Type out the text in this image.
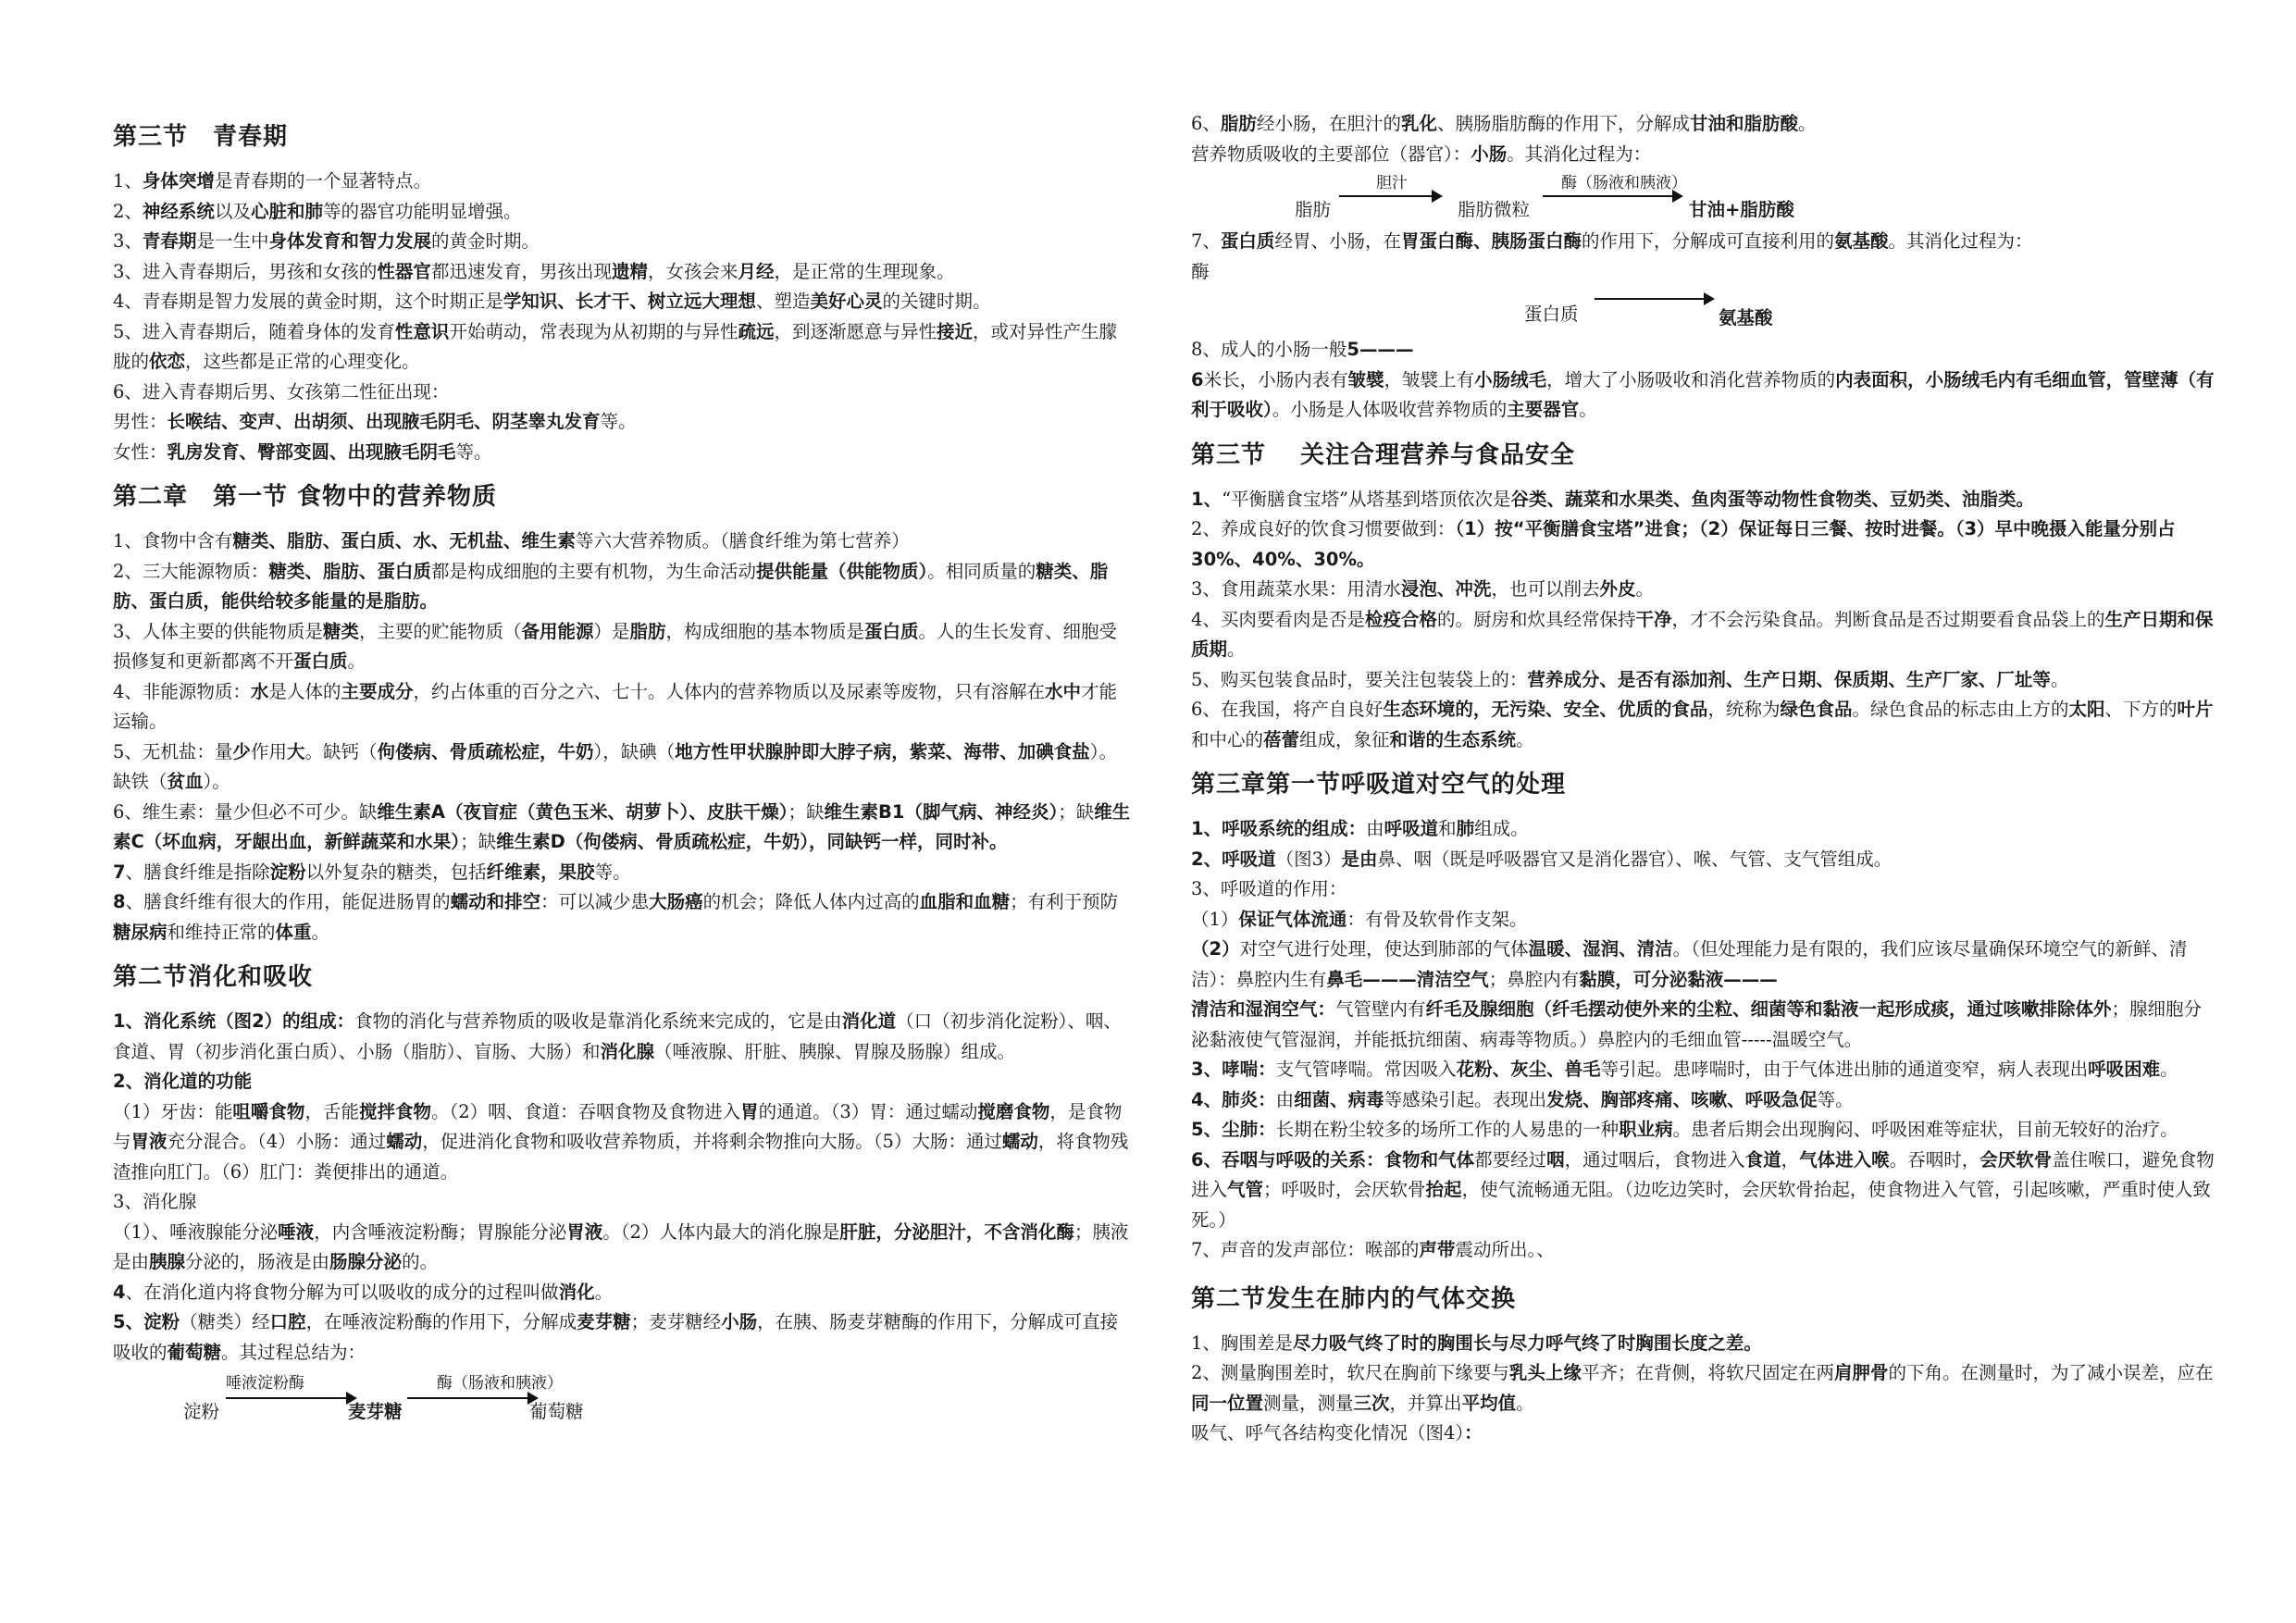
第三节　青春期

1、身体突增是青春期的一个显著特点。

2、神经系统以及心脏和肺等的器官功能明显增强。

3、青春期是一生中身体发育和智力发展的黄金时期。

3、进入青春期后，男孩和女孩的性器官都迅速发育，男孩出现遗精，女孩会来月经，是正常的生理现象。

4、青春期是智力发展的黄金时期，这个时期正是学知识、长才干、树立远大理想、塑造美好心灵的关键时期。

5、进入青春期后，随着身体的发育性意识开始萌动，常表现为从初期的与异性疏远，到逐渐愿意与异性接近，或对异性产生朦胧的依恋，这些都是正常的心理变化。

6、进入青春期后男、女孩第二性征出现：

男性：长喉结、变声、出胡须、出现腋毛阴毛、阴茎睾丸发育等。

女性：乳房发育、臀部变圆、出现腋毛阴毛等。

第二章　第一节 食物中的营养物质

1、食物中含有糖类、脂肪、蛋白质、水、无机盐、维生素等六大营养物质。（膳食纤维为第七营养）

2、三大能源物质：糖类、脂肪、蛋白质都是构成细胞的主要有机物，为生命活动提供能量（供能物质）。相同质量的糖类、脂肪、蛋白质，能供给较多能量的是脂肪。

3、人体主要的供能物质是糖类，主要的贮能物质（备用能源）是脂肪，构成细胞的基本物质是蛋白质。人的生长发育、细胞受损修复和更新都离不开蛋白质。

4、非能源物质：水是人体的主要成分，约占体重的百分之六、七十。人体内的营养物质以及尿素等废物，只有溶解在水中才能运输。

5、无机盐：量少作用大。缺钙（佝偻病、骨质疏松症，牛奶），缺碘（地方性甲状腺肿即大脖子病，紫菜、海带、加碘食盐）。缺铁（贫血）。

6、维生素：量少但必不可少。缺维生素A（夜盲症（黄色玉米、胡萝卜）、皮肤干燥）；缺维生素B1（脚气病、神经炎）；缺维生素C（坏血病，牙龈出血，新鲜蔬菜和水果）；缺维生素D（佝偻病、骨质疏松症，牛奶），同缺钙一样，同时补。

7、膳食纤维是指除淀粉以外复杂的糖类，包括纤维素，果胶等。

8、膳食纤维有很大的作用，能促进肠胃的蠕动和排空：可以减少患大肠癌的机会；降低人体内过高的血脂和血糖；有利于预防糖尿病和维持正常的体重。

第二节消化和吸收

1、消化系统（图2）的组成：食物的消化与营养物质的吸收是靠消化系统来完成的，它是由消化道（口（初步消化淀粉）、咽、食道、胃（初步消化蛋白质）、小肠（脂肪）、盲肠、大肠）和消化腺（唾液腺、肝脏、胰腺、胃腺及肠腺）组成。

2、消化道的功能

（1）牙齿：能咀嚼食物，舌能搅拌食物。（2）咽、食道：吞咽食物及食物进入胃的通道。（3）胃：通过蠕动搅磨食物，是食物与胃液充分混合。（4）小肠：通过蠕动，促进消化食物和吸收营养物质，并将剩余物推向大肠。（5）大肠：通过蠕动，将食物残渣推向肛门。（6）肛门：粪便排出的通道。

3、消化腺

（1）、唾液腺能分泌唾液，内含唾液淀粉酶；胃腺能分泌胃液。（2）人体内最大的消化腺是肝脏，分泌胆汁，不含消化酶；胰液是由胰腺分泌的，肠液是由肠腺分泌的。

4、在消化道内将食物分解为可以吸收的成分的过程叫做消化。

5、淀粉（糖类）经口腔，在唾液淀粉酶的作用下，分解成麦芽糖；麦芽糖经小肠，在胰、肠麦芽糖酶的作用下，分解成可直接吸收的葡萄糖。其过程总结为：

唾液淀粉酶	酶（肠液和胰液）
淀粉	麦芽糖	葡萄糖

6、脂肪经小肠，在胆汁的乳化、胰肠脂肪酶的作用下，分解成甘油和脂肪酸。

营养物质吸收的主要部位（器官）：小肠。其消化过程为：

胆汁	酶（肠液和胰液）
脂肪	脂肪微粒	甘油+脂肪酸

7、蛋白质经胃、小肠，在胃蛋白酶、胰肠蛋白酶的作用下，分解成可直接利用的氨基酸。其消化过程为：

酶

蛋白质	氨基酸

8、成人的小肠一般5———

6米长，小肠内表有皱襞，皱襞上有小肠绒毛，增大了小肠吸收和消化营养物质的内表面积，小肠绒毛内有毛细血管，管壁薄（有利于吸收）。小肠是人体吸收营养物质的主要器官。

第三节　 关注合理营养与食品安全

1、“平衡膳食宝塔”从塔基到塔顶依次是谷类、蔬菜和水果类、鱼肉蛋等动物性食物类、豆奶类、油脂类。

2、养成良好的饮食习惯要做到：（1）按“平衡膳食宝塔”进食；（2）保证每日三餐、按时进餐。（3）早中晚摄入能量分别占30%、40%、30%。

3、食用蔬菜水果：用清水浸泡、冲洗，也可以削去外皮。

4、买肉要看肉是否是检疫合格的。厨房和炊具经常保持干净，才不会污染食品。判断食品是否过期要看食品袋上的生产日期和保质期。

5、购买包装食品时，要关注包装袋上的：营养成分、是否有添加剂、生产日期、保质期、生产厂家、厂址等。

6、在我国，将产自良好生态环境的，无污染、安全、优质的食品，统称为绿色食品。绿色食品的标志由上方的太阳、下方的叶片和中心的蓓蕾组成，象征和谐的生态系统。

第三章第一节呼吸道对空气的处理

1、呼吸系统的组成：由呼吸道和肺组成。

2、呼吸道（图3）是由鼻、咽（既是呼吸器官又是消化器官）、喉、气管、支气管组成。

3、呼吸道的作用：

（1）保证气体流通：有骨及软骨作支架。

（2）对空气进行处理，使达到肺部的气体温暖、湿润、清洁。（但处理能力是有限的，我们应该尽量确保环境空气的新鲜、清洁）：鼻腔内生有鼻毛———清洁空气；鼻腔内有黏膜，可分泌黏液———

清洁和湿润空气：气管壁内有纤毛及腺细胞（纤毛摆动使外来的尘粒、细菌等和黏液一起形成痰，通过咳嗽排除体外；腺细胞分泌黏液使气管湿润，并能抵抗细菌、病毒等物质。）鼻腔内的毛细血管-----温暖空气。

3、哮喘：支气管哮喘。常因吸入花粉、灰尘、兽毛等引起。患哮喘时，由于气体进出肺的通道变窄，病人表现出呼吸困难。

4、肺炎：由细菌、病毒等感染引起。表现出发烧、胸部疼痛、咳嗽、呼吸急促等。

5、尘肺：长期在粉尘较多的场所工作的人易患的一种职业病。患者后期会出现胸闷、呼吸困难等症状，目前无较好的治疗。

6、吞咽与呼吸的关系：食物和气体都要经过咽，通过咽后，食物进入食道，气体进入喉。吞咽时，会厌软骨盖住喉口，避免食物进入气管；呼吸时，会厌软骨抬起，使气流畅通无阻。（边吃边笑时，会厌软骨抬起，使食物进入气管，引起咳嗽，严重时使人致死。）

7、声音的发声部位：喉部的声带震动所出。、

第二节发生在肺内的气体交换

1、胸围差是尽力吸气终了时的胸围长与尽力呼气终了时胸围长度之差。

2、测量胸围差时，软尺在胸前下缘要与乳头上缘平齐；在背侧，将软尺固定在两肩胛骨的下角。在测量时，为了减小误差，应在同一位置测量，测量三次，并算出平均值。

吸气、呼气各结构变化情况（图4）：
